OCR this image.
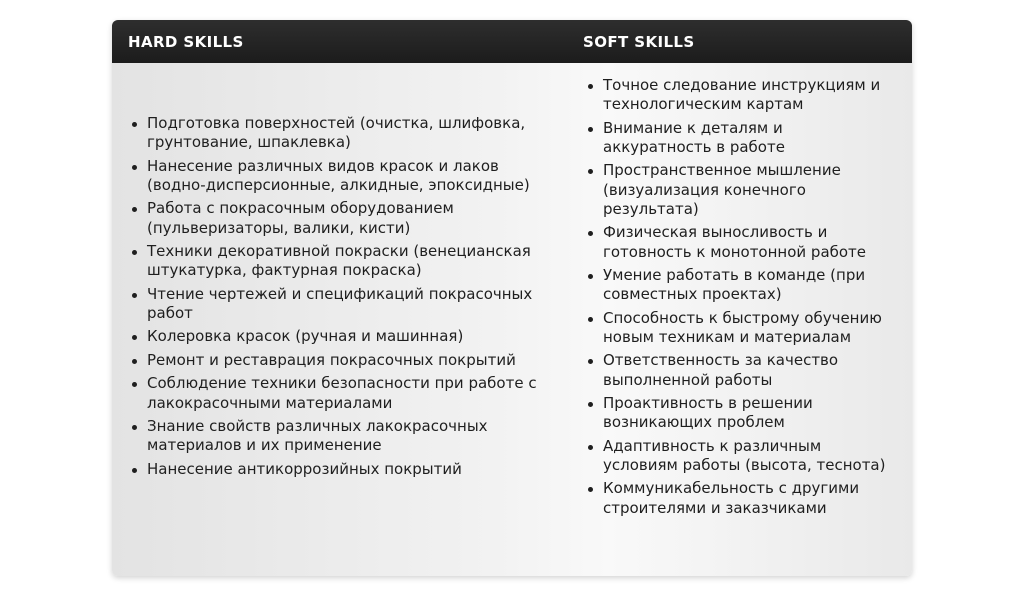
HARD SKILLS	SOFT SKILLS
Подготовка поверхностей (очистка, шлифовка, грунтование, шпаклевка)
Нанесение различных видов красок и лаков (водно-дисперсионные, алкидные, эпоксидные)
Работа с покрасочным оборудованием (пульверизаторы, валики, кисти)
Техники декоративной покраски (венецианская штукатурка, фактурная покраска)
Чтение чертежей и спецификаций покрасочных работ
Колеровка красок (ручная и машинная)
Ремонт и реставрация покрасочных покрытий
Соблюдение техники безопасности при работе с лакокрасочными материалами
Знание свойств различных лакокрасочных материалов и их применение
Нанесение антикоррозийных покрытий
Точное следование инструкциям и технологическим картам
Внимание к деталям и аккуратность в работе
Пространственное мышление (визуализация конечного результата)
Физическая выносливость и готовность к монотонной работе
Умение работать в команде (при совместных проектах)
Способность к быстрому обучению новым техникам и материалам
Ответственность за качество выполненной работы
Проактивность в решении возникающих проблем
Адаптивность к различным условиям работы (высота, теснота)
Коммуникабельность с другими строителями и заказчиками
